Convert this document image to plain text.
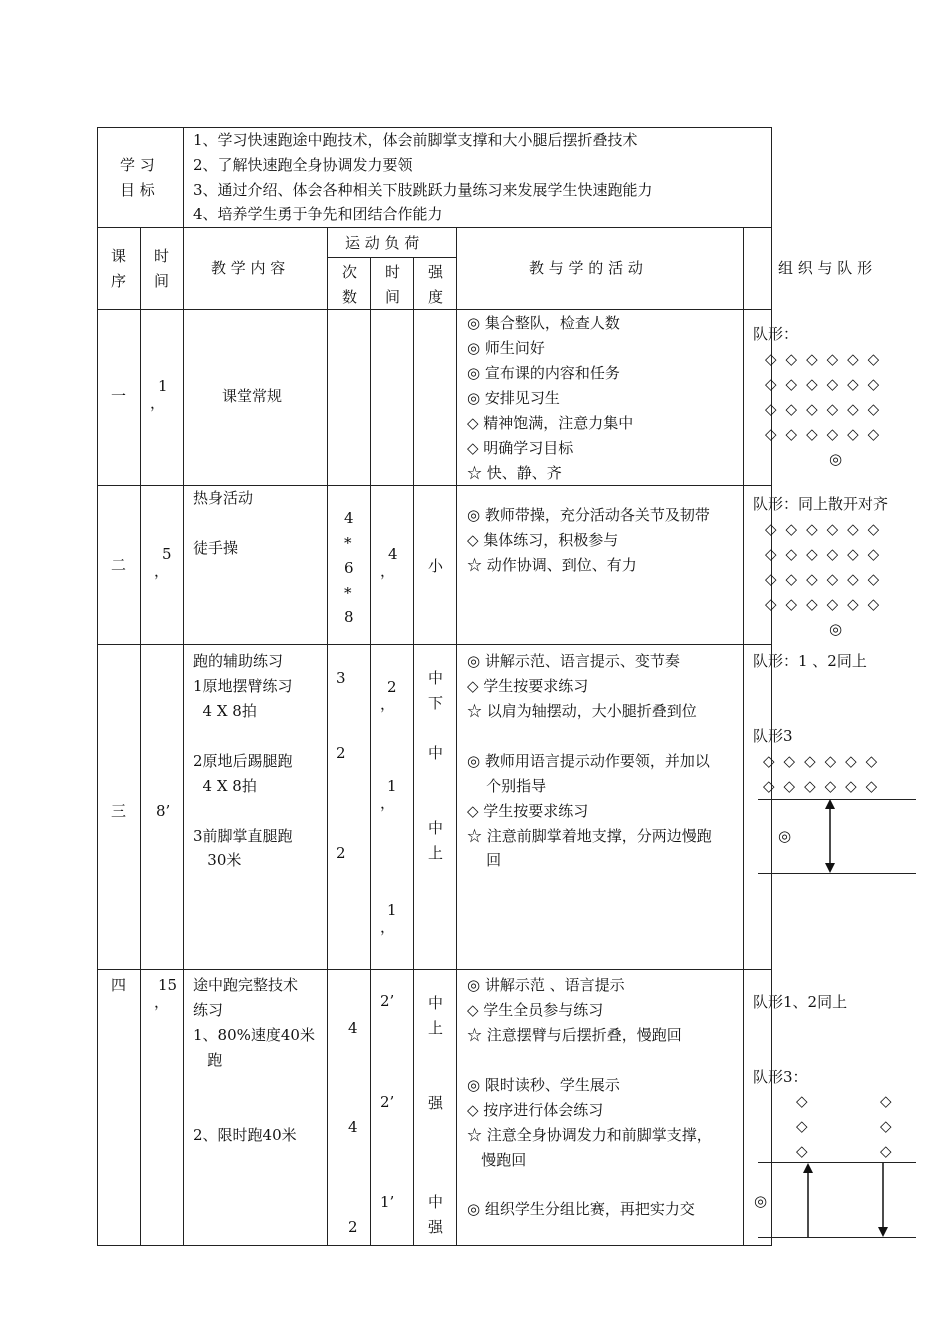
学 习
目 标
1、学习快速跑途中跑技术，体会前脚掌支撑和大小腿后摆折叠技术
2、了解快速跑全身协调发力要领
3、通过介绍、体会各种相关下肢跳跃力量练习来发展学生快速跑能力
4、培养学生勇于争先和团结合作能力
课
序
时
间
教 学 内 容
运 动 负 荷
次
数
时
间
强
度
教 与 学 的 活 动	组 织 与 队 形
一
1
，	课堂常规
◎ 集合整队，检查人数
◎ 师生问好
◎ 宣布课的内容和任务
◎ 安排见习生
◇ 精神饱满，注意力集中
◇ 明确学习目标
☆ 快、静、齐
队形：
◇◇◇◇◇◇
◇◇◇◇◇◇
◇◇◇◇◇◇
◇◇◇◇◇◇
◎
二
5
，
热身活动
徒手操
4
*
6
*
8
4
， 小
◎ 教师带操，充分活动各关节及韧带
◇ 集体练习，积极参与
☆ 动作协调、到位、有力
队形：同上散开对齐
◇◇◇◇◇◇
◇◇◇◇◇◇
◇◇◇◇◇◇
◇◇◇◇◇◇
◎
三 8’
跑的辅助练习
1原地摆臂练习
4 X 8拍
2原地后踢腿跑
4 X 8拍
3前脚掌直腿跑
30米
3
2
2
2
，
1
，
1
，
中
下
中
中
上
◎ 讲解示范、语言提示、变节奏
◇ 学生按要求练习
☆ 以肩为轴摆动，大小腿折叠到位
◎ 教师用语言提示动作要领，并加以
个别指导
◇ 学生按要求练习
☆ 注意前脚掌着地支撑，分两边慢跑
回
队形：1 、2同上
队形3
◇◇◇◇◇◇
◇◇◇◇◇◇
◎
四 15
，
途中跑完整技术
练习
1、80%速度40米
跑
2、限时跑40米
4
4
2
2’
2’
1’
中
上
强
中
强
◎ 讲解示范 、语言提示
◇ 学生全员参与练习
☆ 注意摆臂与后摆折叠，慢跑回
◎ 限时读秒、学生展示
◇ 按序进行体会练习
☆ 注意全身协调发力和前脚掌支撑，
慢跑回
◎ 组织学生分组比赛，再把实力交
队形1、2同上
队形3：
◇
◇
◇
◇
◇
◇
◎
